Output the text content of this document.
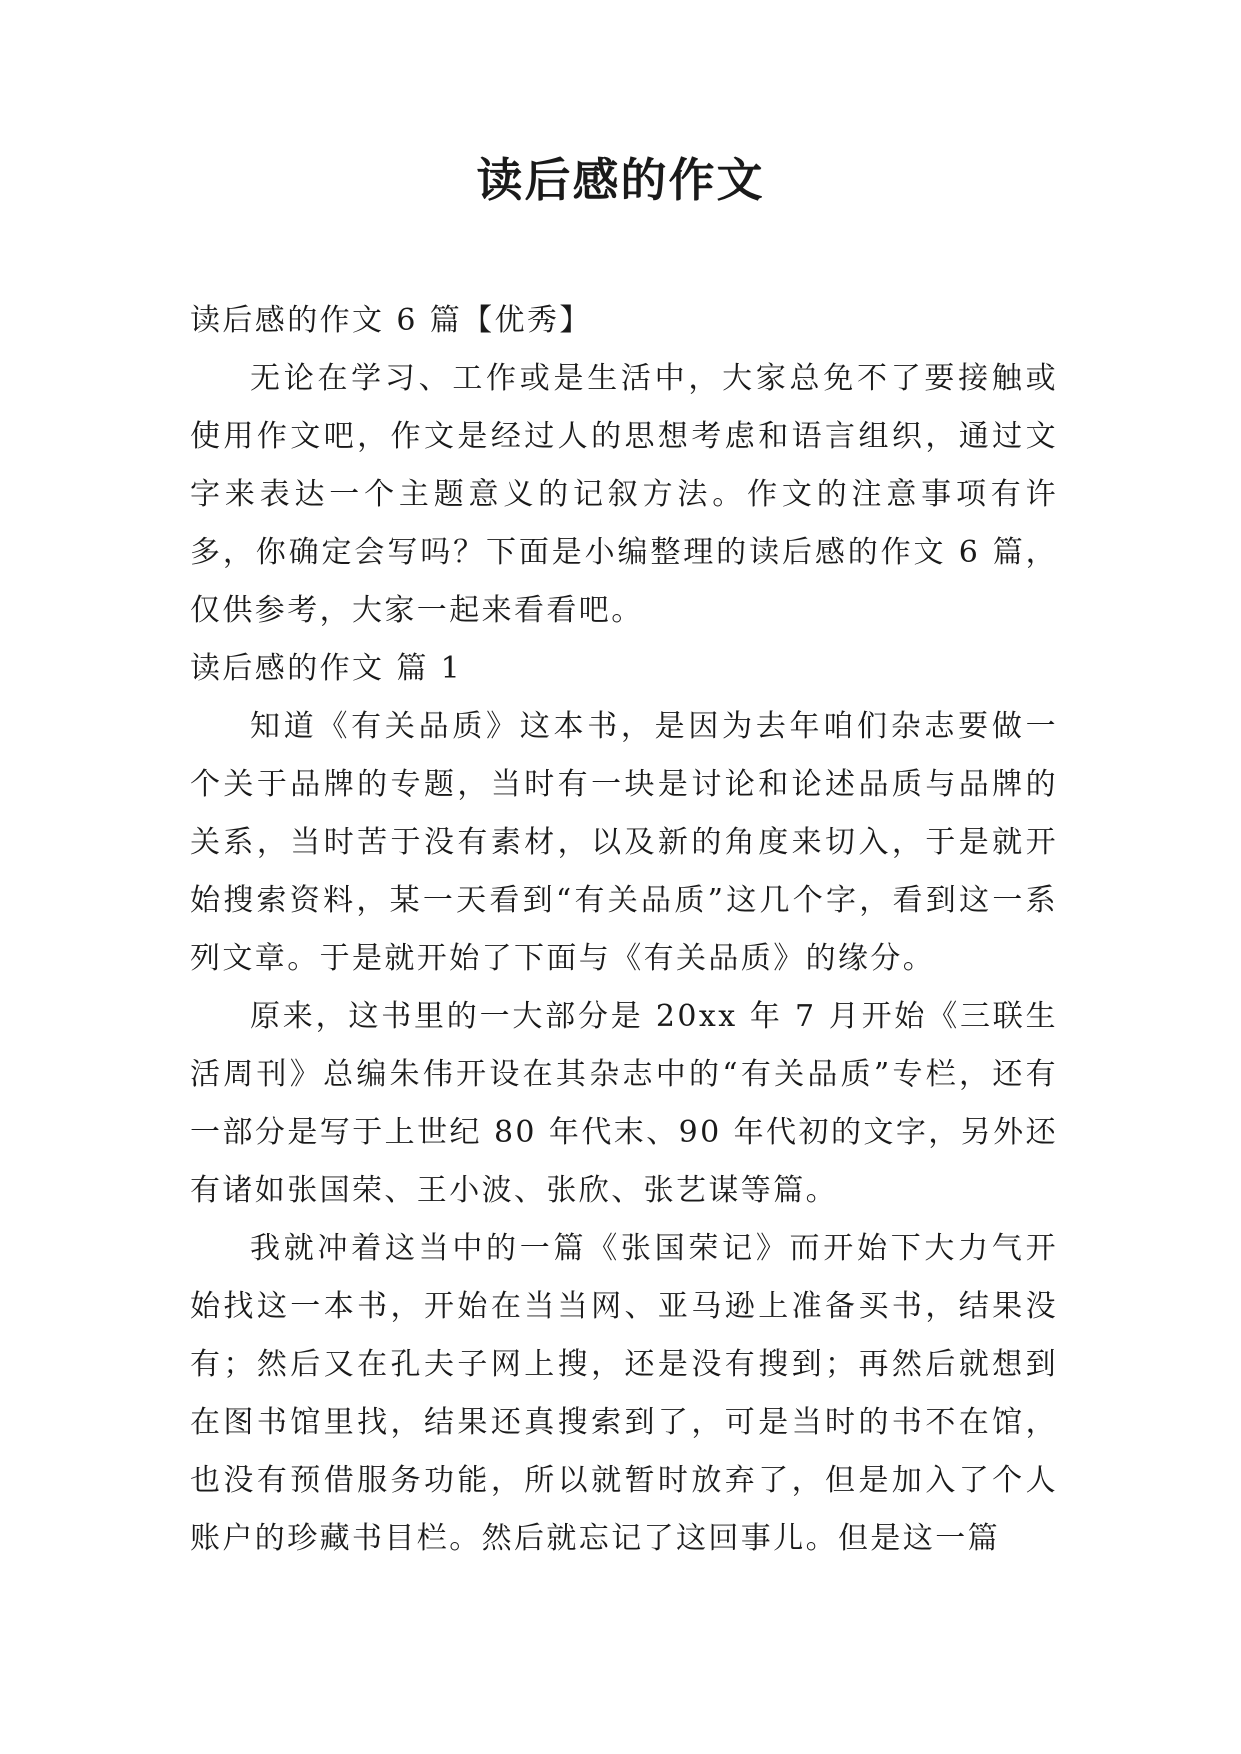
读后感的作文

读后感的作文 6 篇【优秀】

无论在学习、工作或是生活中，大家总免不了要接触或使用作文吧，作文是经过人的思想考虑和语言组织，通过文字来表达一个主题意义的记叙方法。作文的注意事项有许多，你确定会写吗？下面是小编整理的读后感的作文 6 篇，仅供参考，大家一起来看看吧。

读后感的作文 篇 1

知道《有关品质》这本书，是因为去年咱们杂志要做一个关于品牌的专题，当时有一块是讨论和论述品质与品牌的关系，当时苦于没有素材，以及新的角度来切入，于是就开始搜索资料，某一天看到“有关品质”这几个字，看到这一系列文章。于是就开始了下面与《有关品质》的缘分。

原来，这书里的一大部分是 20xx 年 7 月开始《三联生活周刊》总编朱伟开设在其杂志中的“有关品质”专栏，还有一部分是写于上世纪 80 年代末、90 年代初的文字，另外还有诸如张国荣、王小波、张欣、张艺谋等篇。

我就冲着这当中的一篇《张国荣记》而开始下大力气开始找这一本书，开始在当当网、亚马逊上准备买书，结果没有；然后又在孔夫子网上搜，还是没有搜到；再然后就想到在图书馆里找，结果还真搜索到了，可是当时的书不在馆，也没有预借服务功能，所以就暂时放弃了，但是加入了个人账户的珍藏书目栏。然后就忘记了这回事儿。但是这一篇
